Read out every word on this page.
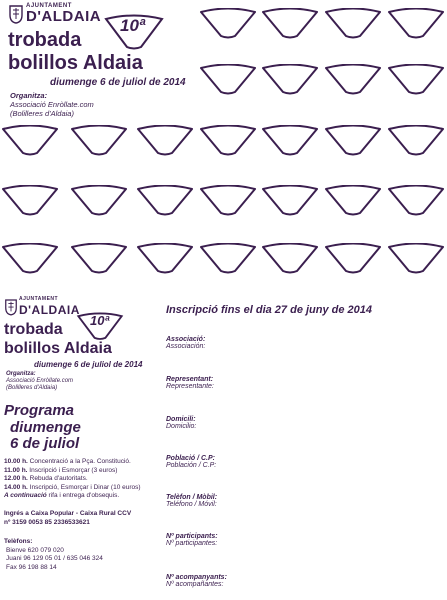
AJUNTAMENT
D'ALDAIA 10ª
trobada
bolillos Aldaia
diumenge 6 de juliol de 2014
Organitza:
Associació Enròllate.com
(Bolilleres d'Aldaia)
AJUNTAMENT
D'ALDAIA
10ª
trobada
bolillos Aldaia
diumenge 6 de juliol de 2014
Organitza:
Associació Enròllate.com
(Bolilleres d'Aldaia)
Programa
diumenge
6 de juliol
10.00 h. Concentració a la Pça. Constitució.
11.00 h. Inscripció i Esmorçar (3 euros)
12.00 h. Rebuda d'autoritats.
14.00 h. Inscripció, Esmorçar i Dinar (10 euros)
A continuació rifa i entrega d'obsequis.
Ingrés a Caixa Popular - Caixa Rural CCV
nº 3159 0053 85 2336533621
Telèfons:
Bienve 620 079 020
Juani 96 129 05 01 / 635 046 324
Fax 96 198 88 14
Inscripció fins el dia 27 de juny de 2014
Associació:
Associación:
Representant:
Representante:
Domicili:
Domicilio:
Població / C.P:
Población / C.P:
Telèfon / Mòbil:
Teléfono / Móvil:
Nº participants:
Nº participantes:
Nº acompanyants:
Nº acompañantes:
